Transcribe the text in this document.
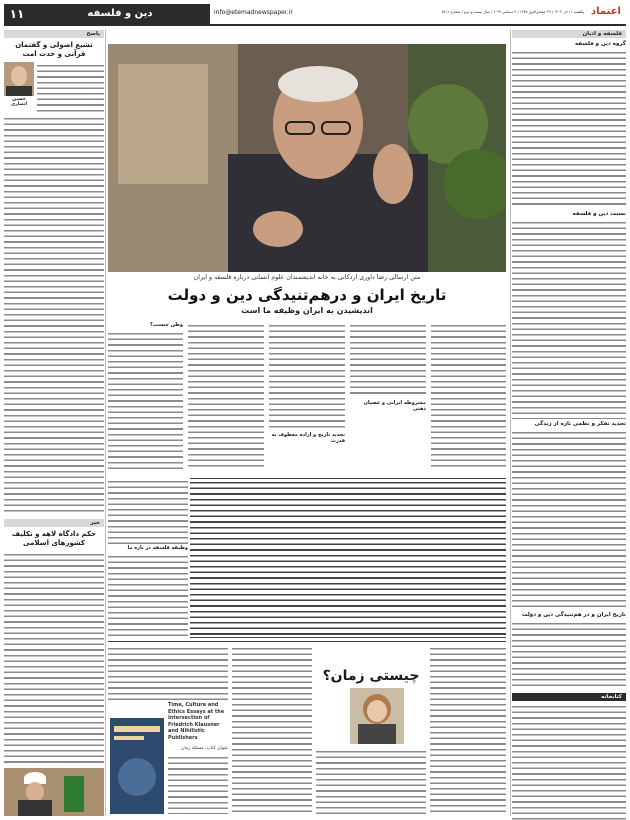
۱۱	دین و فلسفه	info@etemadnewspaper.ir	یکشنبه ۱۱ آذر ۱۴۰۲ / ۲۹ جمادی‌الاول ۱۴۴۵ / ۳ دسامبر ۲۰۲۳ / سال بیست و دوم / شماره ۵۶۱۱ اعتماد
فلسفه و ادیان
گروه دین و فلسفه
نسبت دین و فلسفه
تجدید تفکر و نظمی تازه از زندگی
تاریخ ایران و در هم‌تنیدگی دین و دولت
کتابخانه
متن ارسالی رضا داوری اردکانی به خانه اندیشمندان علوم انسانی درباره فلسفه و ایران
تاریخ ایران و درهم‌تنیدگی دین و دولت
اندیشیدن به ایران وظیفه ما است
وطن چیست؟
تجدید تاریخ و اراده معطوف به قدرت
مشروطه ایرانی و عصیان ذهنی
وظیفه فلسفه در بازه ما
پاسخ
تشیع اصولی و گفتمان قرآنی و حدت امت
حسین انصاری
خبر
حکم دادگاه لاهه و تکلیف کشورهای اسلامی
چیستی زمان؟
Time, Culture and Ethics Essays at the Intersection of Friedrich Klausner and Nihilistic Publishers
عنوان کتاب: مسئله زمان
